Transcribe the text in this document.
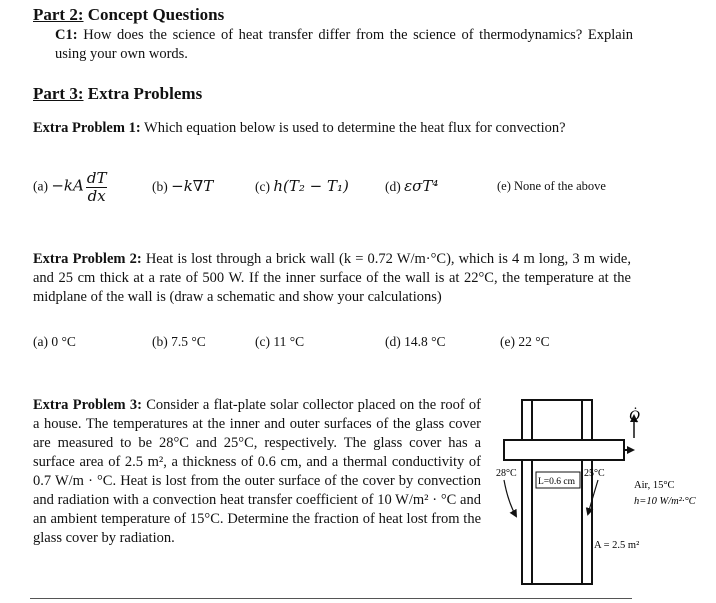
Part 2: Concept Questions
C1: How does the science of heat transfer differ from the science of thermodynamics? Explain using your own words.
Part 3: Extra Problems
Extra Problem 1: Which equation below is used to determine the heat flux for convection?
$(a) -kA \frac{dT}{dx}$	(b) −k∇T	(c) h(T₂ − T₁)	(d) εσT⁴	(e) None of the above
Extra Problem 2: Heat is lost through a brick wall (k = 0.72 W/m·°C), which is 4 m long, 3 m wide, and 25 cm thick at a rate of 500 W. If the inner surface of the wall is at 22°C, the temperature at the midplane of the wall is (draw a schematic and show your calculations)
(a) 0 °C	(b) 7.5 °C	(c) 11 °C	(d) 14.8 °C	(e) 22 °C
Extra Problem 3: Consider a flat-plate solar collector placed on the roof of a house. The temperatures at the inner and outer surfaces of the glass cover are measured to be 28°C and 25°C, respectively. The glass cover has a surface area of 2.5 m², a thickness of 0.6 cm, and a thermal conductivity of 0.7 W/m · °C. Heat is lost from the outer surface of the cover by convection and radiation with a convection heat transfer coefficient of 10 W/m² · °C and an ambient temperature of 15°C. Determine the fraction of heat lost from the glass cover by radiation.
Q̇
L=0.6 cm
28°C	25°C
Air, 15°C
h=10 W/m²·°C
A = 2.5 m²
